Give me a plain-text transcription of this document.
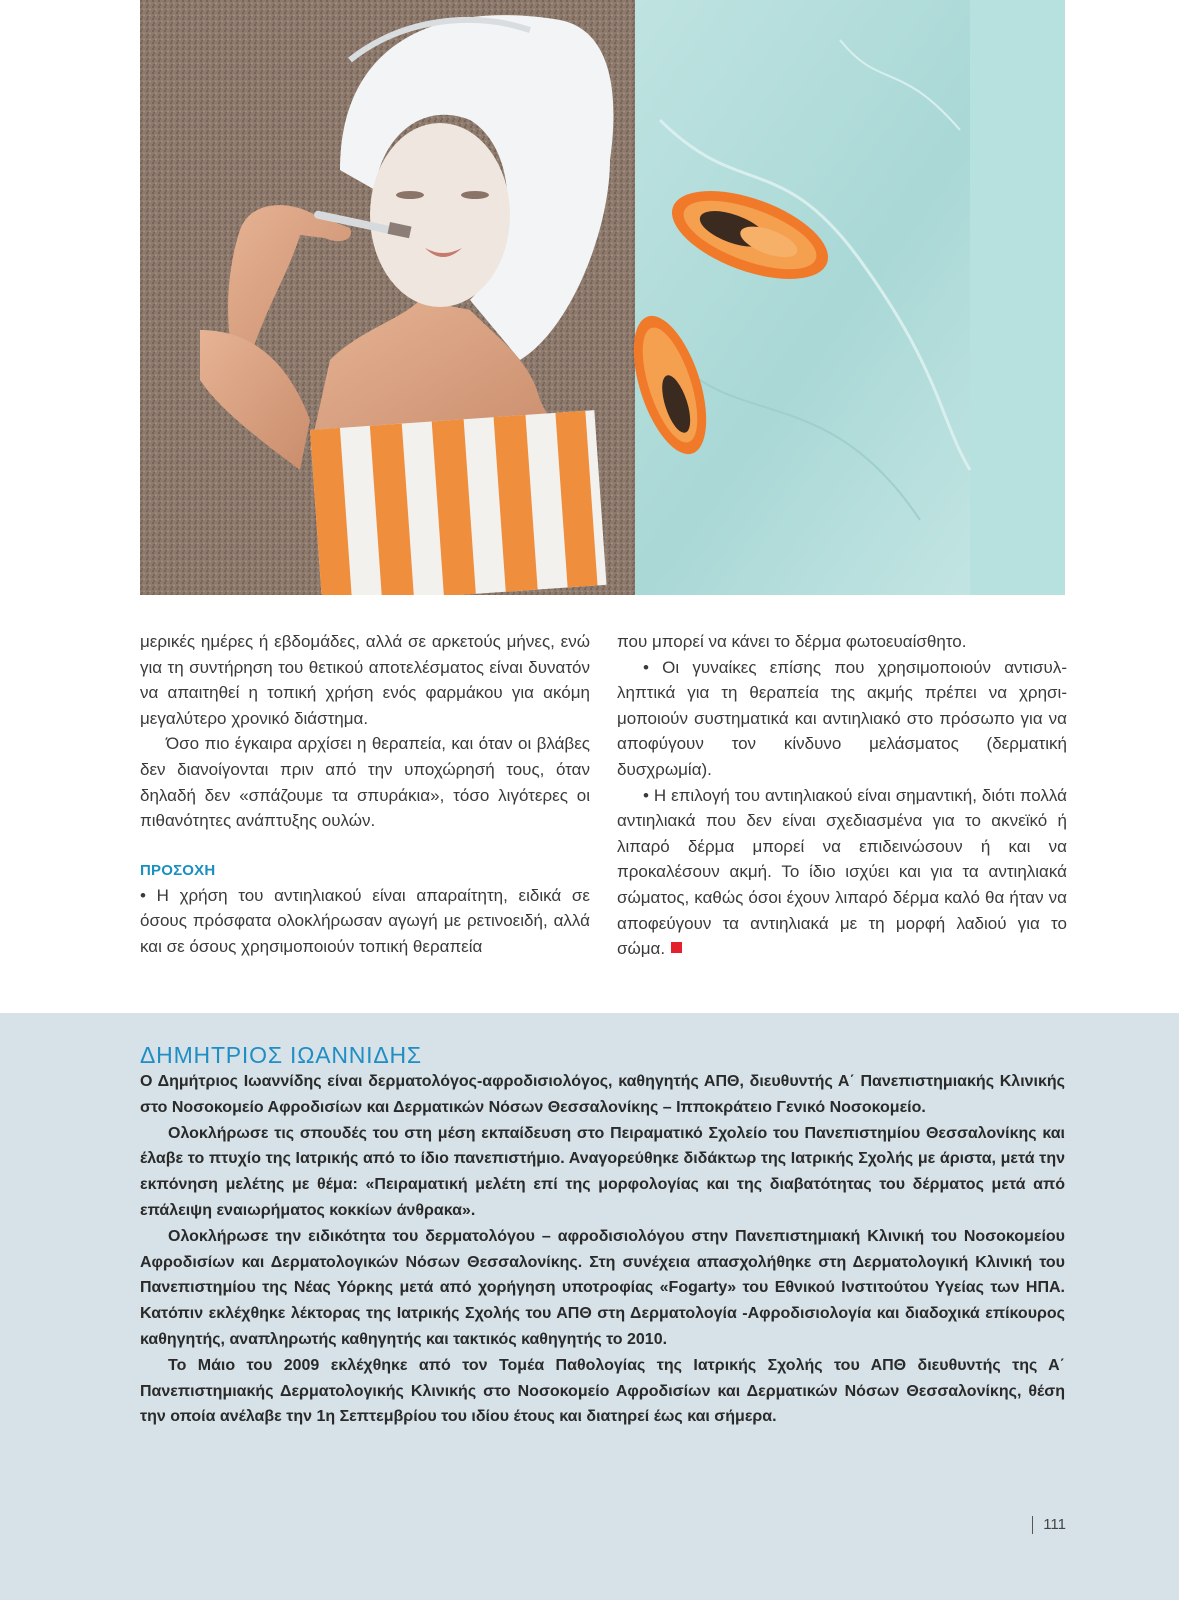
μερικές ημέρες ή εβδομάδες, αλλά σε αρκετούς μήνες, ενώ για τη συντήρηση του θετικού αποτελέσματος είναι δυνατόν να απαιτηθεί η τοπική χρήση ενός φαρμάκου για ακόμη μεγαλύτερο χρονικό διάστημα.

Όσο πιο έγκαιρα αρχίσει η θεραπεία, και όταν οι βλάβες δεν διανοίγονται πριν από την υποχώρησή τους, όταν δηλαδή δεν «σπάζουμε τα σπυράκια», τόσο λιγότερες οι πιθανότητες ανάπτυξης ουλών.

ΠΡΟΣΟΧΗ

• Η χρήση του αντιηλιακού είναι απαραίτητη, ειδικά σε όσους πρόσφατα ολοκλήρωσαν αγωγή με ρετινοειδή, αλλά και σε όσους χρησιμοποιούν τοπική θεραπεία

που μπορεί να κάνει το δέρμα φωτοευαίσθητο.

• Οι γυναίκες επίσης που χρησιμοποιούν αντισυλληπτικά για τη θεραπεία της ακμής πρέπει να χρησιμοποιούν συστηματικά και αντιηλιακό στο πρόσωπο για να αποφύγουν τον κίνδυνο μελάσματος (δερματική δυσχρωμία).

• Η επιλογή του αντιηλιακού είναι σημαντική, διότι πολλά αντιηλιακά που δεν είναι σχεδιασμένα για το ακνεϊκό ή λιπαρό δέρμα μπορεί να επιδεινώσουν ή και να προκαλέσουν ακμή. Το ίδιο ισχύει και για τα αντιηλιακά σώματος, καθώς όσοι έχουν λιπαρό δέρμα καλό θα ήταν να αποφεύγουν τα αντιηλιακά με τη μορφή λαδιού για το σώμα.

ΔΗΜΗΤΡΙΟΣ ΙΩΑΝΝΙΔΗΣ

Ο Δημήτριος Ιωαννίδης είναι δερματολόγος-αφροδισιολόγος, καθηγητής ΑΠΘ, διευθυντής Α΄ Πανεπιστημιακής Κλινικής στο Νοσοκομείο Αφροδισίων και Δερματικών Νόσων Θεσσαλονίκης – Ιπποκράτειο Γενικό Νοσοκομείο.

Ολοκλήρωσε τις σπουδές του στη μέση εκπαίδευση στο Πειραματικό Σχολείο του Πανεπιστημίου Θεσσαλονίκης και έλαβε το πτυχίο της Ιατρικής από το ίδιο πανεπιστήμιο. Αναγορεύθηκε διδάκτωρ της Ιατρικής Σχολής με άριστα, μετά την εκπόνηση μελέτης με θέμα: «Πειραματική μελέτη επί της μορφολογίας και της διαβατότητας του δέρματος μετά από επάλειψη εναιωρήματος κοκκίων άνθρακα».

Ολοκλήρωσε την ειδικότητα του δερματολόγου – αφροδισιολόγου στην Πανεπιστημιακή Κλινική του Νοσοκομείου Αφροδισίων και Δερματολογικών Νόσων Θεσσαλονίκης. Στη συνέχεια απασχολήθηκε στη Δερματολογική Κλινική του Πανεπιστημίου της Νέας Υόρκης μετά από χορήγηση υποτροφίας «Fogarty» του Εθνικού Ινστιτούτου Υγείας των ΗΠΑ. Κατόπιν εκλέχθηκε λέκτορας της Ιατρικής Σχολής του ΑΠΘ στη Δερματολογία -Αφροδισιολογία και διαδοχικά επίκουρος καθηγητής, αναπληρωτής καθηγητής και τακτικός καθηγητής το 2010.

Το Μάιο του 2009 εκλέχθηκε από τον Τομέα Παθολογίας της Ιατρικής Σχολής του ΑΠΘ διευθυντής της Α΄ Πανεπιστημιακής Δερματολογικής Κλινικής στο Νοσοκομείο Αφροδισίων και Δερματικών Νόσων Θεσσαλονίκης, θέση την οποία ανέλαβε την 1η Σεπτεμβρίου του ιδίου έτους και διατηρεί έως και σήμερα.

111
